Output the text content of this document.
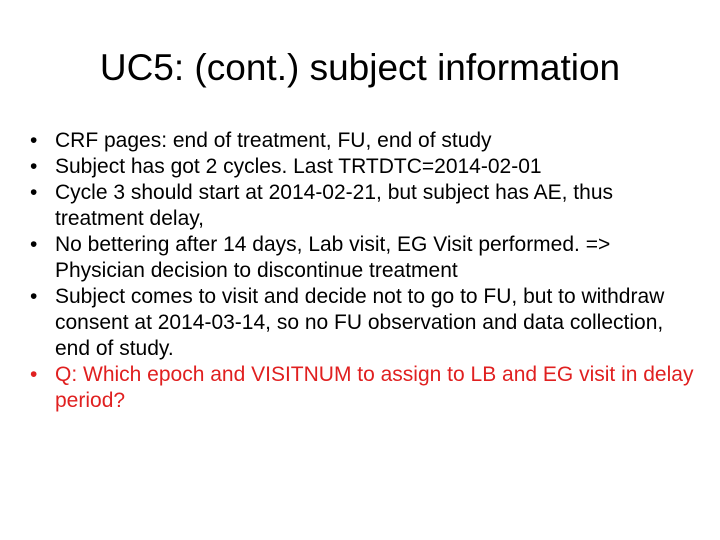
UC5: (cont.) subject information
• CRF pages: end of treatment, FU, end of study
• Subject has got 2 cycles. Last TRTDTC=2014-02-01
• Cycle 3 should start at 2014-02-21, but subject has AE, thus treatment delay,
• No bettering after 14 days, Lab visit, EG Visit performed. => Physician decision to discontinue treatment
• Subject comes to visit and decide not to go to FU, but to withdraw consent at 2014-03-14, so no FU observation and data collection, end of study.
• Q: Which epoch and VISITNUM to assign to LB and EG visit in delay period?
